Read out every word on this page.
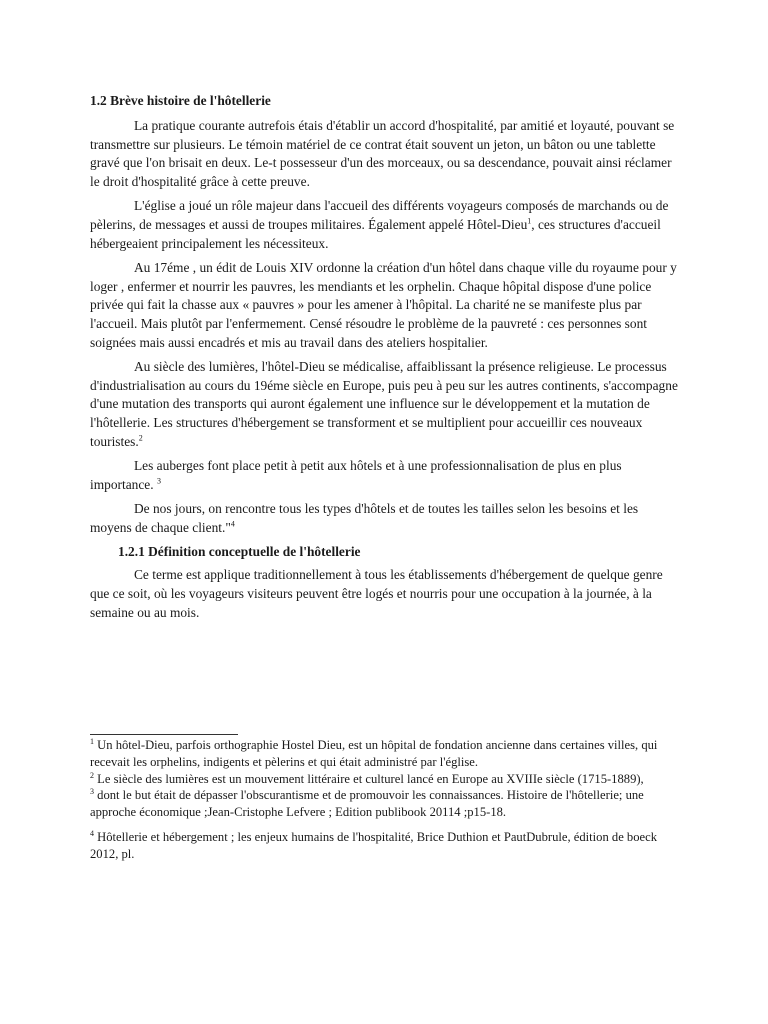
1.2 Brève histoire de l'hôtellerie

La pratique courante autrefois étais d'établir un accord d'hospitalité, par amitié et loyauté, pouvant se transmettre sur plusieurs. Le témoin matériel de ce contrat était souvent un jeton, un bâton ou une tablette gravé que l'on brisait en deux. Le-t possesseur d'un des morceaux, ou sa descendance, pouvait ainsi réclamer le droit d'hospitalité grâce à cette preuve.

L'église a joué un rôle majeur dans l'accueil des différents voyageurs composés de marchands ou de pèlerins, de messages et aussi de troupes militaires. Également appelé Hôtel-Dieu$^1$, ces structures d'accueil hébergeaient principalement les nécessiteux.

Au 17éme , un édit de Louis XIV ordonne la création d'un hôtel dans chaque ville du royaume pour y loger , enfermer et nourrir les pauvres, les mendiants et les orphelin. Chaque hôpital dispose d'une police privée qui fait la chasse aux « pauvres » pour les amener à l'hôpital. La charité ne se manifeste plus par l'accueil. Mais plutôt par l'enfermement. Censé résoudre le problème de la pauvreté : ces personnes sont soignées mais aussi encadrés et mis au travail dans des ateliers hospitalier.

Au siècle des lumières, l'hôtel-Dieu se médicalise, affaiblissant la présence religieuse. Le processus d'industrialisation au cours du 19éme siècle en Europe, puis peu à peu sur les autres continents, s'accompagne d'une mutation des transports qui auront également une influence sur le développement et la mutation de l'hôtellerie. Les structures d'hébergement se transforment et se multiplient pour accueillir ces nouveaux touristes.$^2$

Les auberges font place petit à petit aux hôtels et à une professionnalisation de plus en plus importance. $^3$

De nos jours, on rencontre tous les types d'hôtels et de toutes les tailles selon les besoins et les moyens de chaque client."$^4$

1.2.1 Définition conceptuelle de l'hôtellerie

Ce terme est applique traditionnellement à tous les établissements d'hébergement de quelque genre que ce soit, où les voyageurs visiteurs peuvent être logés et nourris pour une occupation à la journée, à la semaine ou au mois.

$^1$ Un hôtel-Dieu, parfois orthographie Hostel Dieu, est un hôpital de fondation ancienne dans certaines villes, qui recevait les orphelins, indigents et pèlerins et qui était administré par l'église.

$^2$ Le siècle des lumières est un mouvement littéraire et culturel lancé en Europe au XVIIIe siècle (1715-1889),

$^3$ dont le but était de dépasser l'obscurantisme et de promouvoir les connaissances. Histoire de l'hôtellerie; une approche économique ;Jean-Cristophe Lefvere ; Edition publibook 20114 ;p15-18.

$^4$ Hôtellerie et hébergement ; les enjeux humains de l'hospitalité, Brice Duthion et PautDubrule, édition de boeck 2012, pl.
